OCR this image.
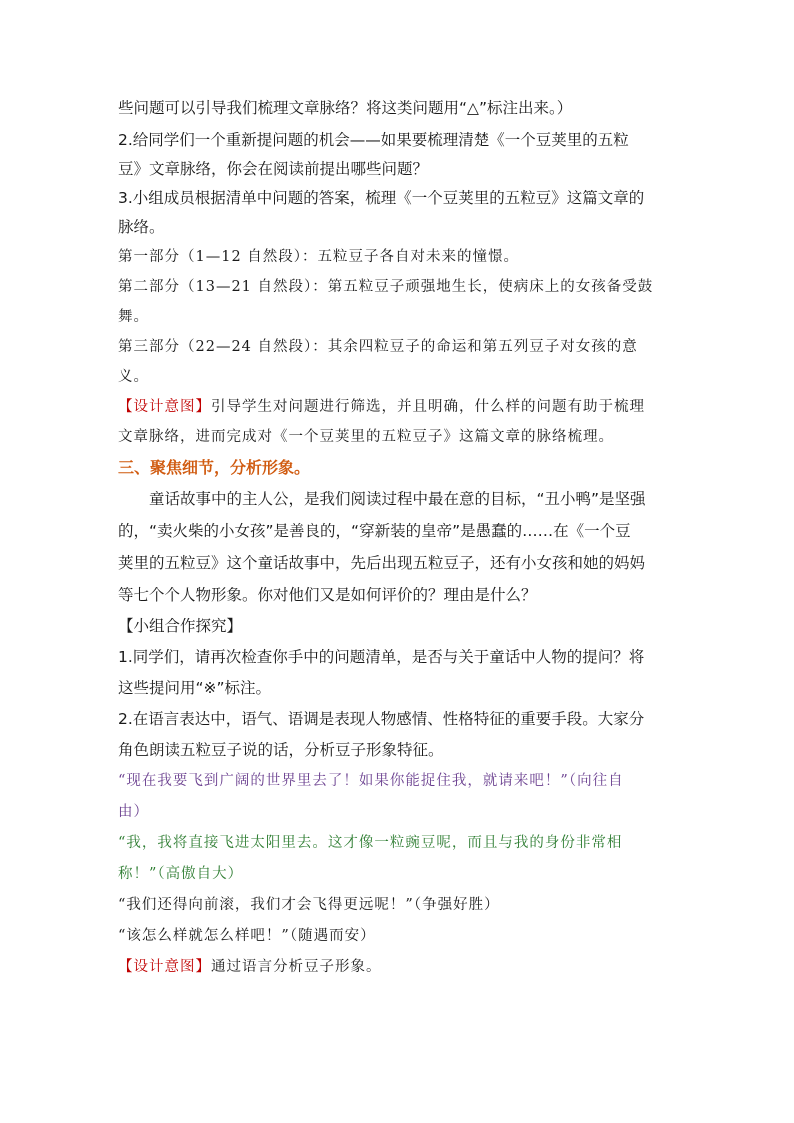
些问题可以引导我们梳理文章脉络？将这类问题用“△”标注出来。）
2.给同学们一个重新提问题的机会——如果要梳理清楚《一个豆荚里的五粒
豆》文章脉络，你会在阅读前提出哪些问题？
3.小组成员根据清单中问题的答案，梳理《一个豆荚里的五粒豆》这篇文章的
脉络。
第一部分（1—12 自然段）：五粒豆子各自对未来的憧憬。
第二部分（13—21 自然段）：第五粒豆子顽强地生长，使病床上的女孩备受鼓
舞。
第三部分（22—24 自然段）：其余四粒豆子的命运和第五列豆子对女孩的意
义。
【设计意图】引导学生对问题进行筛选，并且明确，什么样的问题有助于梳理
文章脉络，进而完成对《一个豆荚里的五粒豆子》这篇文章的脉络梳理。
三、聚焦细节，分析形象。
童话故事中的主人公，是我们阅读过程中最在意的目标，“丑小鸭”是坚强
的，“卖火柴的小女孩”是善良的，“穿新装的皇帝”是愚蠢的……在《一个豆
荚里的五粒豆》这个童话故事中，先后出现五粒豆子，还有小女孩和她的妈妈
等七个个人物形象。你对他们又是如何评价的？理由是什么？
【小组合作探究】
1.同学们，请再次检查你手中的问题清单，是否与关于童话中人物的提问？将
这些提问用“※”标注。
2.在语言表达中，语气、语调是表现人物感情、性格特征的重要手段。大家分
角色朗读五粒豆子说的话，分析豆子形象特征。
“现在我要飞到广阔的世界里去了！如果你能捉住我，就请来吧！”（向往自
由）
“我，我将直接飞进太阳里去。这才像一粒豌豆呢，而且与我的身份非常相
称！”（高傲自大）
“我们还得向前滚，我们才会飞得更远呢！”（争强好胜）
“该怎么样就怎么样吧！”（随遇而安）
【设计意图】通过语言分析豆子形象。
